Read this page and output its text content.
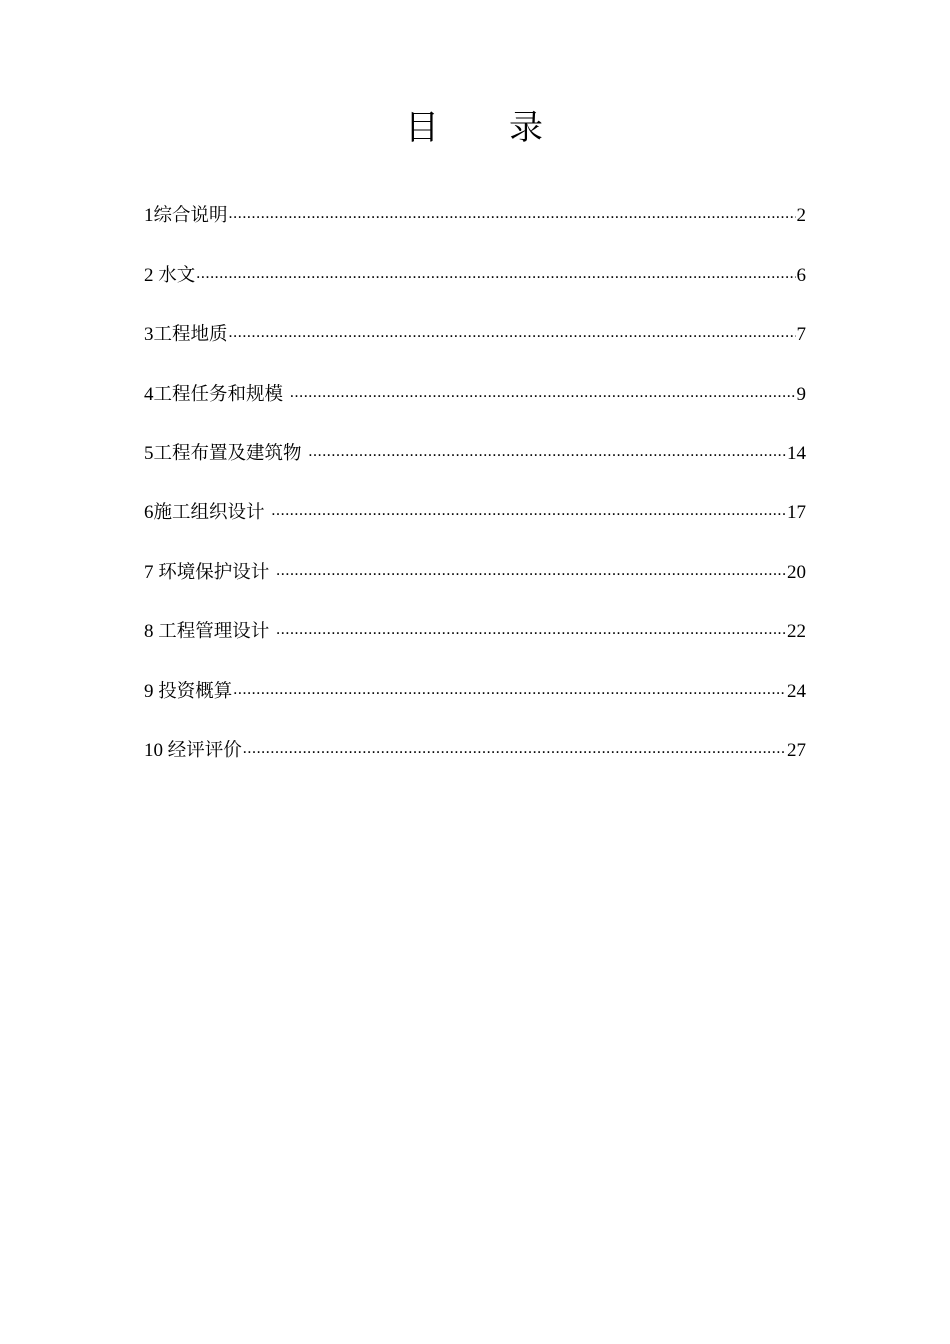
目 录
1综合说明 .....	2
2 水文 .....	6
3工程地质 .....	7
4工程任务和规模 .....	9
5工程布置及建筑物 .....	14
6施工组织设计 .....	17
7 环境保护设计 .....	20
8 工程管理设计 .....	22
9 投资概算 .....	24
10 经评评价 .....	27
